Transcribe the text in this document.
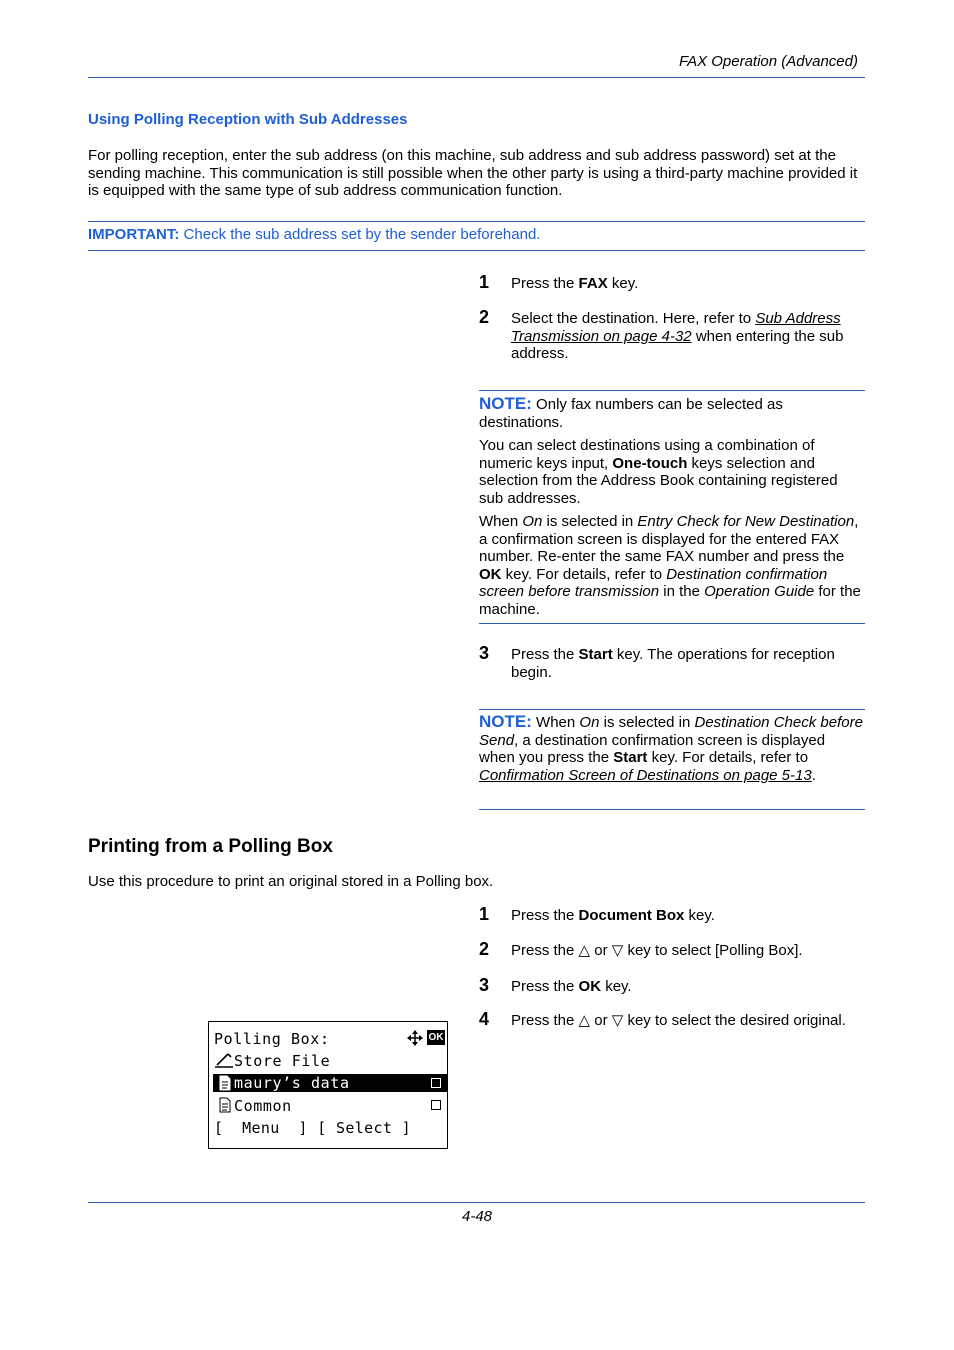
FAX Operation (Advanced)
Using Polling Reception with Sub Addresses
For polling reception, enter the sub address (on this machine, sub address and sub address password) set at the sending machine. This communication is still possible when the other party is using a third-party machine provided it is equipped with the same type of sub address communication function.
IMPORTANT: Check the sub address set by the sender beforehand.
1 Press the FAX key.
2 Select the destination. Here, refer to Sub Address Transmission on page 4-32 when entering the sub address.
NOTE: Only fax numbers can be selected as destinations.
You can select destinations using a combination of numeric keys input, One-touch keys selection and selection from the Address Book containing registered sub addresses.
When On is selected in Entry Check for New Destination, a confirmation screen is displayed for the entered FAX number. Re-enter the same FAX number and press the OK key. For details, refer to Destination confirmation screen before transmission in the Operation Guide for the machine.
3 Press the Start key. The operations for reception begin.
NOTE: When On is selected in Destination Check before Send, a destination confirmation screen is displayed when you press the Start key. For details, refer to Confirmation Screen of Destinations on page 5-13.
Printing from a Polling Box
Use this procedure to print an original stored in a Polling box.
1 Press the Document Box key.
2 Press the △ or ▽ key to select [Polling Box].
3 Press the OK key.
4 Press the △ or ▽ key to select the desired original.
Polling Box:	OK
Store File
maury’s data
Common
[  Menu  ] [ Select ]
4-48
